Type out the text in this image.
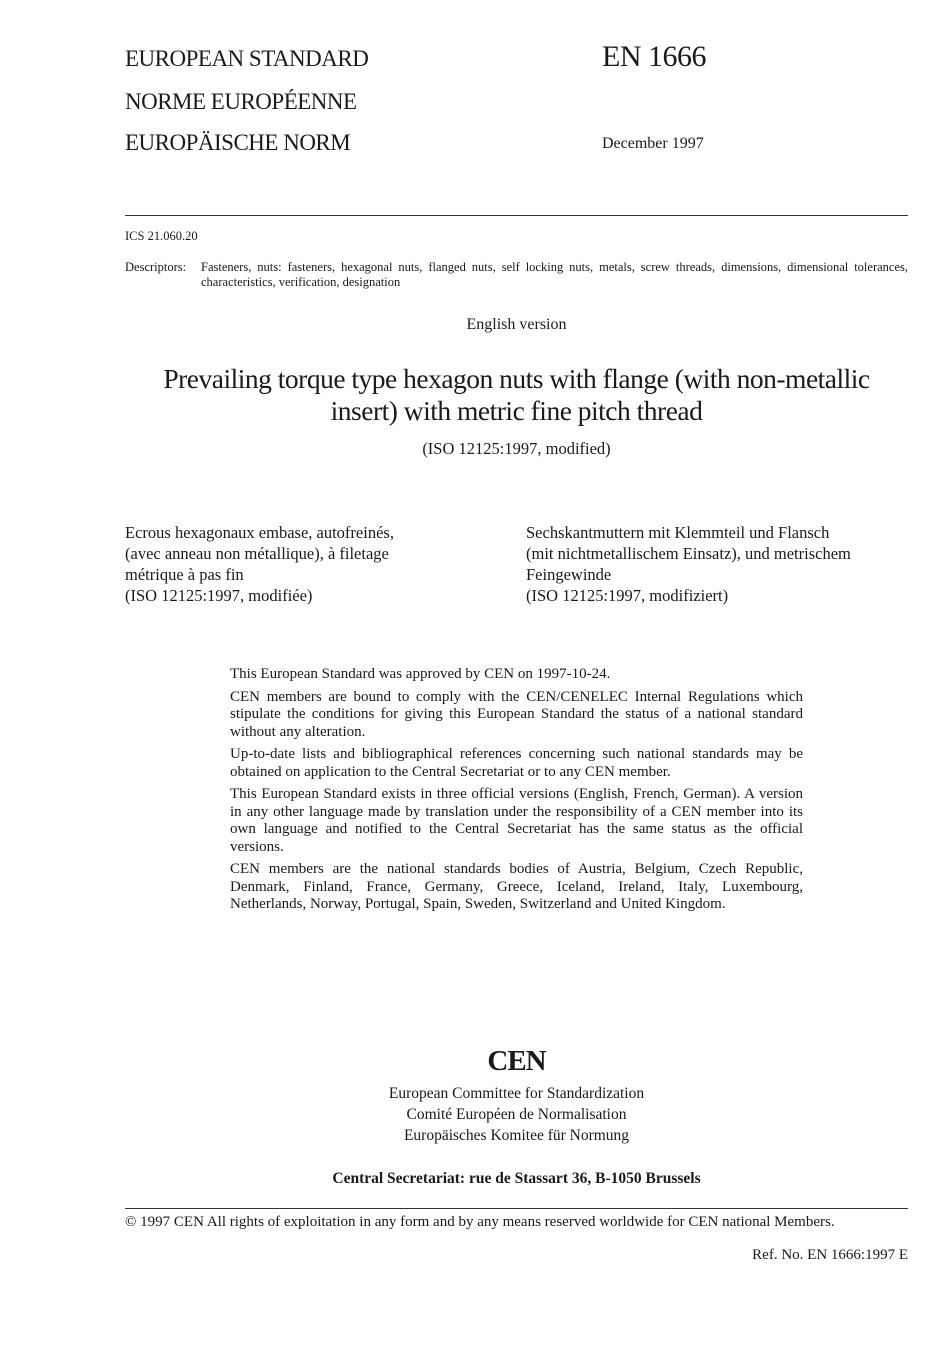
EUROPEAN STANDARD
NORME EUROPÉENNE
EUROPÄISCHE NORM
EN 1666
December 1997
ICS 21.060.20
Descriptors:	Fasteners, nuts: fasteners, hexagonal nuts, flanged nuts, self locking nuts, metals, screw threads, dimensions, dimensional tolerances, characteristics, verification, designation
English version
Prevailing torque type hexagon nuts with flange (with non-metallic
insert) with metric fine pitch thread
(ISO 12125:1997, modified)
Ecrous hexagonaux embase, autofreinés,
(avec anneau non métallique), à filetage
métrique à pas fin
(ISO 12125:1997, modifiée)
Sechskantmuttern mit Klemmteil und Flansch
(mit nichtmetallischem Einsatz), und metrischem
Feingewinde
(ISO 12125:1997, modifiziert)

This European Standard was approved by CEN on 1997-10-24.

CEN members are bound to comply with the CEN/CENELEC Internal Regulations which stipulate the conditions for giving this European Standard the status of a national standard without any alteration.

Up-to-date lists and bibliographical references concerning such national standards may be obtained on application to the Central Secretariat or to any CEN member.

This European Standard exists in three official versions (English, French, German). A version in any other language made by translation under the responsibility of a CEN member into its own language and notified to the Central Secretariat has the same status as the official versions.

CEN members are the national standards bodies of Austria, Belgium, Czech Republic, Denmark, Finland, France, Germany, Greece, Iceland, Ireland, Italy, Luxembourg, Netherlands, Norway, Portugal, Spain, Sweden, Switzerland and United Kingdom.

CEN
European Committee for Standardization
Comité Européen de Normalisation
Europäisches Komitee für Normung
Central Secretariat: rue de Stassart 36, B-1050 Brussels
© 1997 CEN All rights of exploitation in any form and by any means reserved worldwide for CEN national Members.
Ref. No. EN 1666:1997 E
